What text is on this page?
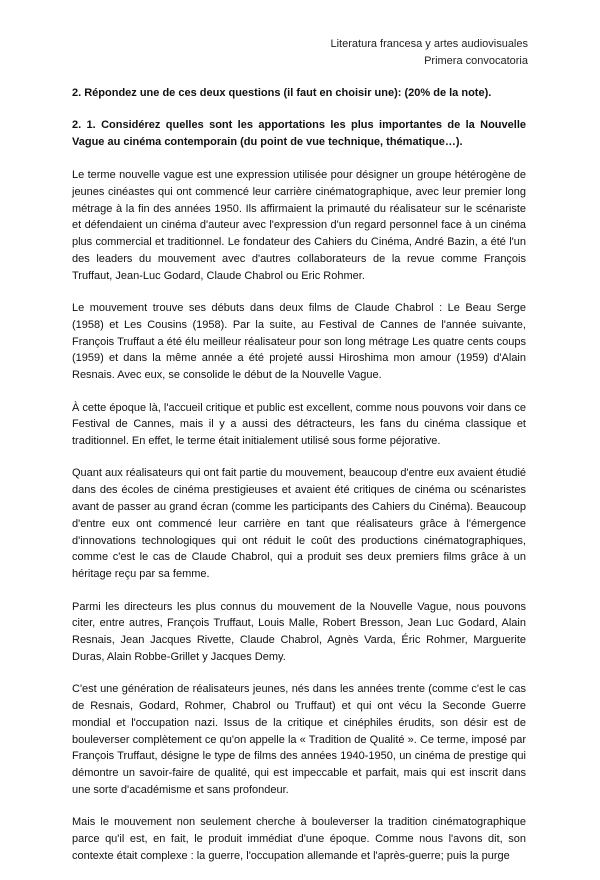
Literatura francesa y artes audiovisuales
Primera convocatoria
2. Répondez une de ces deux questions (il faut en choisir une): (20% de la note).
2. 1. Considérez quelles sont les apportations les plus importantes de la Nouvelle Vague au cinéma contemporain (du point de vue technique, thématique…).

Le terme nouvelle vague est une expression utilisée pour désigner un groupe hétérogène de jeunes cinéastes qui ont commencé leur carrière cinématographique, avec leur premier long métrage à la fin des années 1950. Ils affirmaient la primauté du réalisateur sur le scénariste et défendaient un cinéma d'auteur avec l'expression d'un regard personnel face à un cinéma plus commercial et traditionnel. Le fondateur des Cahiers du Cinéma, André Bazin, a été l'un des leaders du mouvement avec d'autres collaborateurs de la revue comme François Truffaut, Jean-Luc Godard, Claude Chabrol ou Eric Rohmer.

Le mouvement trouve ses débuts dans deux films de Claude Chabrol : Le Beau Serge (1958) et Les Cousins (1958). Par la suite, au Festival de Cannes de l'année suivante, François Truffaut a été élu meilleur réalisateur pour son long métrage Les quatre cents coups (1959) et dans la même année a été projeté aussi Hiroshima mon amour (1959) d'Alain Resnais. Avec eux, se consolide le début de la Nouvelle Vague.

À cette époque là, l'accueil critique et public est excellent, comme nous pouvons voir dans ce Festival de Cannes, mais il y a aussi des détracteurs, les fans du cinéma classique et traditionnel. En effet, le terme était initialement utilisé sous forme péjorative.

Quant aux réalisateurs qui ont fait partie du mouvement, beaucoup d'entre eux avaient étudié dans des écoles de cinéma prestigieuses et avaient été critiques de cinéma ou scénaristes avant de passer au grand écran (comme les participants des Cahiers du Cinéma). Beaucoup d'entre eux ont commencé leur carrière en tant que réalisateurs grâce à l'émergence d'innovations technologiques qui ont réduit le coût des productions cinématographiques, comme c'est le cas de Claude Chabrol, qui a produit ses deux premiers films grâce à un héritage reçu par sa femme.

Parmi les directeurs les plus connus du mouvement de la Nouvelle Vague, nous pouvons citer, entre autres, François Truffaut, Louis Malle, Robert Bresson, Jean Luc Godard, Alain Resnais, Jean Jacques Rivette, Claude Chabrol, Agnès Varda, Éric Rohmer, Marguerite Duras, Alain Robbe-Grillet y Jacques Demy.

C'est une génération de réalisateurs jeunes, nés dans les années trente (comme c'est le cas de Resnais, Godard, Rohmer, Chabrol ou Truffaut) et qui ont vécu la Seconde Guerre mondial et l'occupation nazi. Issus de la critique et cinéphiles érudits, son désir est de bouleverser complètement ce qu'on appelle la « Tradition de Qualité ». Ce terme, imposé par François Truffaut, désigne le type de films des années 1940-1950, un cinéma de prestige qui démontre un savoir-faire de qualité, qui est impeccable et parfait, mais qui est inscrit dans une sorte d'académisme et sans profondeur.

Mais le mouvement non seulement cherche à bouleverser la tradition cinématographique parce qu'il est, en fait, le produit immédiat d'une époque. Comme nous l'avons dit, son contexte était complexe : la guerre, l'occupation allemande et l'après-guerre; puis la purge
